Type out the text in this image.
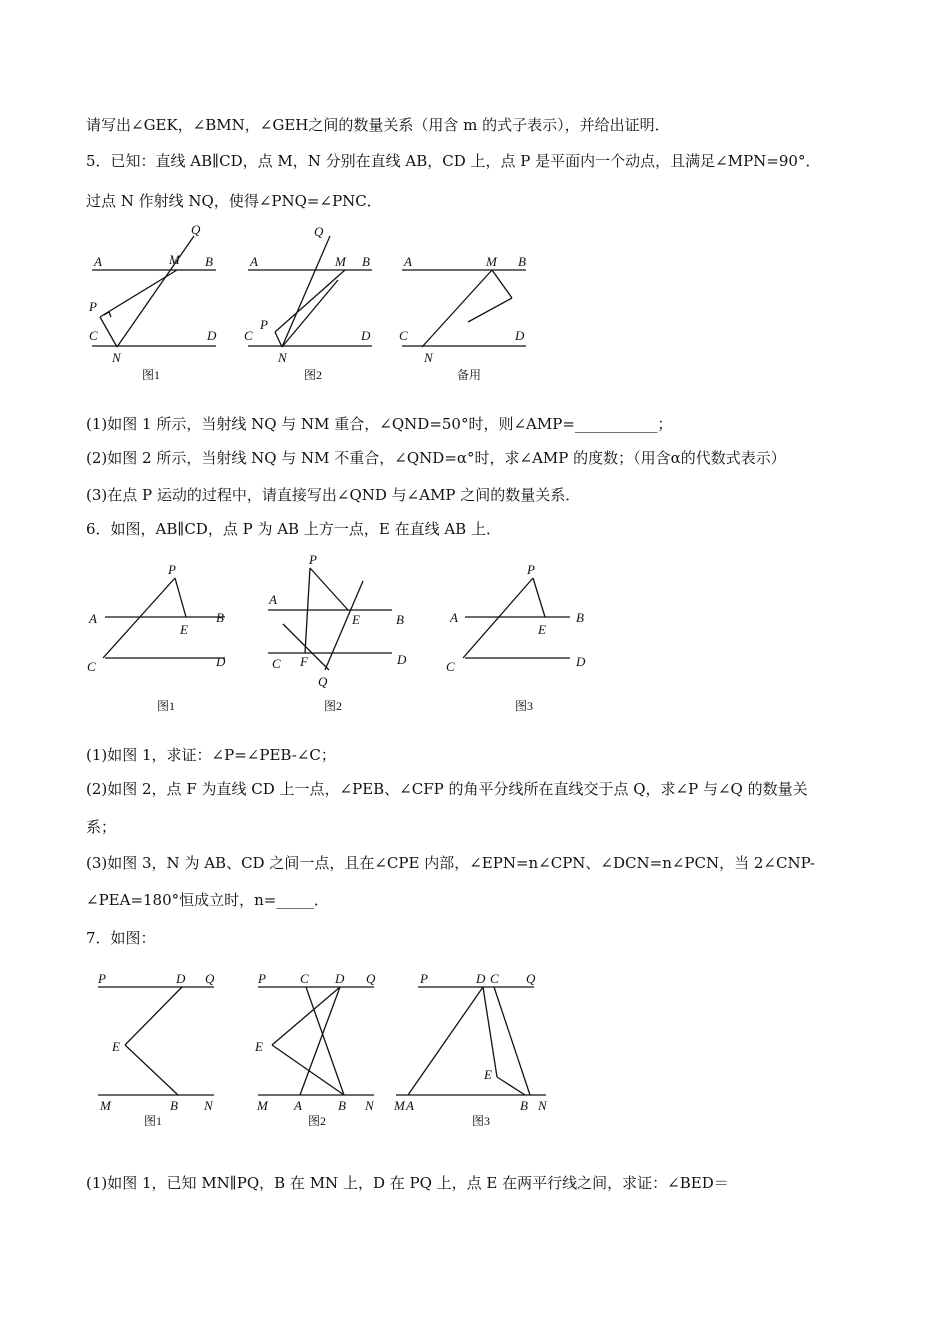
请写出∠GEK，∠BMN，∠GEH之间的数量关系（用含 m 的式子表示），并给出证明．
5．已知：直线 AB∥CD，点 M，N 分别在直线 AB，CD 上，点 P 是平面内一个动点，且满足∠MPN=90°．
过点 N 作射线 NQ，使得∠PNQ=∠PNC．
A	M B
Q
P
C	D
N
图1
A	M B
Q
P
C	D
N
图2
A	M B
C	D
N
备用
(1)如图 1 所示，当射线 NQ 与 NM 重合，∠QND=50°时，则∠AMP=___________；
(2)如图 2 所示，当射线 NQ 与 NM 不重合，∠QND=α°时，求∠AMP 的度数；（用含α的代数式表示）
(3)在点 P 运动的过程中，请直接写出∠QND 与∠AMP 之间的数量关系．
6．如图，AB∥CD，点 P 为 AB 上方一点，E 在直线 AB 上．
A	B
P
E
C	D
图1
A
B
P
E
C F	D
Q
图2
A	B
P
E
C	D
图3
(1)如图 1，求证：∠P=∠PEB-∠C；
(2)如图 2，点 F 为直线 CD 上一点，∠PEB、∠CFP 的角平分线所在直线交于点 Q，求∠P 与∠Q 的数量关
系；
(3)如图 3，N 为 AB、CD 之间一点，且在∠CPE 内部，∠EPN=n∠CPN、∠DCN=n∠PCN，当 2∠CNP-
∠PEA=180°恒成立时，n=_____．
7．如图：
P	D Q
E
M	B N
图1
P	C D Q
E
M A	B N
图2
P	D C Q
E
M A	B N
图3
(1)如图 1，已知 MN∥PQ，B 在 MN 上，D 在 PQ 上，点 E 在两平行线之间，求证：∠BED＝
